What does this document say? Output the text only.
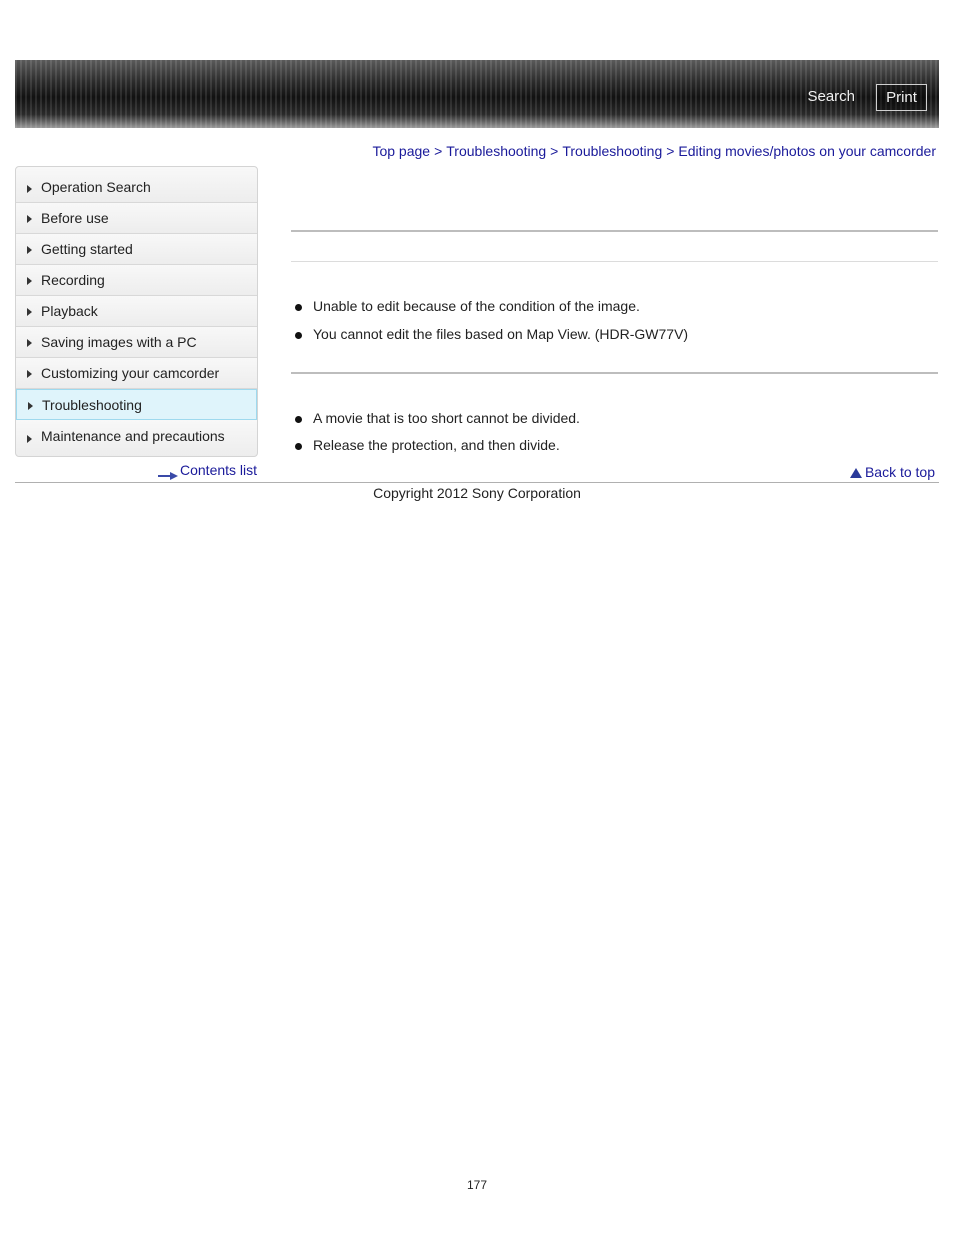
Search	Print
Top page > Troubleshooting > Troubleshooting > Editing movies/photos on your camcorder
Operation Search
Before use
Getting started
Recording
Playback
Saving images with a PC
Customizing your camcorder
Troubleshooting
Maintenance and precautions
Contents list
Unable to edit because of the condition of the image.
You cannot edit the files based on Map View. (HDR-GW77V)
A movie that is too short cannot be divided.
Release the protection, and then divide.
Back to top
Copyright 2012 Sony Corporation
177
